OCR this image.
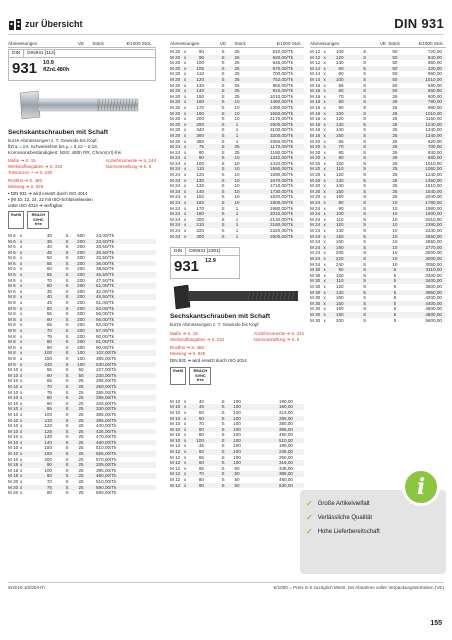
zur Übersicht	DIN 931
Abmessungen	VE	Stück	€/1000 Stck.
DIN	DIN931 [112]
931 10.9
flZnL480h
Sechskantschrauben mit Schaft
kurze Abmessungen z. T. Gewinde bis Kopf,
flZnL = int. Schweissfest bis μ = 0,12 – 0,18,
Korrosionsbeständigkeit: NSS: 480h RR, Chrom(VI)-frei
Maße ➔ S. 15
Werkstoffangaben ➔ S. 232
Toleranzen + ➔ S. 230
Anziehmomente ➔ S. 244
Normumstellung ➔ S. 6
Rostfrei ➔ S. 486
Messing ➔ S. 925
• DIN 931 ➔ wird ersetzt durch ISO 4014
• (M 10, 12, 14, 22 mit ISO-Schlüsselweiten
unter ISO 4014 ➔ verfügbar
RoHS	REACH SVHC free
M 6 x	30	S	500	23,00/Tk
M 6 x	35	S	200	23,50/Tk
M 6 x	40	S	200	25,50/Tk
M 6 x	45	S	200	29,50/Tk
M 6 x	50	S	200	32,50/Tk
M 6 x	55	S	200	36,00/Tk
M 6 x	60	S	200	38,50/Tk
M 6 x	65	S	200	45,50/Tk
M 6 x	70	S	200	47,50/Tk
M 6 x	80	S	200	51,00/Tk
M 6 x	35	S	200	42,00/Tk
M 8 x	40	S	200	45,50/Tk
M 8 x	45	S	200	51,00/Tk
M 8 x	50	S	200	53,00/Tk
M 8 x	55	S	200	56,00/Tk
M 8 x	60	S	200	56,00/Tk
M 8 x	65	S	200	62,00/Tk
M 8 x	70	S	200	67,00/Tk
M 8 x	75	S	200	80,00/Tk
M 8 x	80	S	200	81,00/Tk
M 8 x	90	S	200	90,00/Tk
M 8 x	100	S	100	102,00/Tk
M 8 x	150	S	100	385,00/Tk
M 8 x	240	S	100	530,00/Tk
M 10 x	55	S	50	227,00/Tk
M 10 x	60	S	50	230,00/Tk
M 10 x	65	S	25	285,00/Tk
M 10 x	70	S	25	260,00/Tk
M 10 x	75	S	25	285,00/Tk
M 10 x	80	S	25	295,00/Tk
M 10 x	90	S	25	325,00/Tk
M 10 x	95	S	25	330,00/Tk
M 10 x	100	S	25	385,00/Tk
M 10 x	110	S	25	395,00/Tk
M 10 x	120	S	25	430,00/Tk
M 10 x	125	S	25	435,00/Tk
M 10 x	130	S	25	470,00/Tk
M 10 x	140	S	25	480,00/Tk
M 10 x	150	S	25	510,00/Tk
M 10 x	160	S	25	555,00/Tk
M 10 x	200	S	25	570,00/Tk
M 18 x	90	S	25	335,00/Tk
M 18 x	100	S	25	395,00/Tk
M 18 x	60	S	25	480,00/Tk
M 20 x	70	S	25	510,00/Tk
M 20 x	75	S	25	590,00/Tk
M 20 x	80	S	25	590,00/Tk
Abmessungen	VE	Stück	€/1000 Stck.
M 20 x	90	S	25	610,00/Tk
M 20 x	95	S	25	620,00/Tk
M 20 x	100	S	25	645,00/Tk
M 20 x	105	S	25	670,00/Tk
M 20 x	110	S	25	700,00/Tk
M 20 x	120	S	25	752,00/Tk
M 20 x	130	S	25	850,00/Tk
M 20 x	140	S	25	910,00/Tk
M 20 x	150	S	25	1010,00/Tk
M 20 x	160	S	10	1460,00/Tk
M 20 x	170	S	10	1390,00/Tk
M 20 x	180	S	10	1560,00/Tk
M 20 x	200	S	10	2170,00/Tk
M 20 x	290	S	1	2600,00/Tk
M 20 x	340	S	1	3100,00/Tk
M 20 x	360	S	1	3200,00/Tk
M 20 x	380	S	1	3350,00/Tk
M 24 x	75	S	25	1170,00/Tk
M 24 x	80	S	25	1180,00/Tk
M 24 x	90	S	10	1342,00/Tk
M 24 x	100	S	10	1420,00/Tk
M 24 x	110	S	10	1550,00/Tk
M 24 x	120	S	10	1590,00/Tk
M 24 x	130	S	10	1670,00/Tk
M 24 x	135	S	10	1710,00/Tk
M 24 x	140	S	10	1730,00/Tk
M 24 x	150	S	10	1820,00/Tk
M 24 x	160	S	10	1900,00/Tk
M 24 x	170	S	1	1980,00/Tk
M 24 x	180	S	1	2010,00/Tk
M 24 x	200	S	1	2130,00/Tk
M 24 x	210	S	1	2180,00/Tk
M 24 x	220	S	1	2320,00/Tk
M 24 x	300	S	1	2600,00/Tk
DIN	DIN931 [2301]
931 12.9
Sechskantschrauben mit Schaft
kurze Abmessungen z. T. Gewinde bis Kopf
Maße ➔ S. 15
Werkstoffangaben ➔ S. 232
Anziehmomente ➔ S. 244
Normumstellung ➔ S. 6
Rostfrei ➔ S. 486
Messing ➔ S. 925
DIN 931 ➔ wird ersetzt durch ISO 4014
RoHS	REACH SVHC free
M 10 x	40	S	100	180,00
M 10 x	45	S	100	180,00
M 10 x	50	S	100	213,00
M 10 x	60	S	100	285,00
M 10 x	70	S	100	380,00
M 10 x	80	S	100	395,00
M 10 x	90	S	100	480,00
M 10 x	100	S	100	510,00
M 12 x	45	S	100	195,00
M 12 x	50	S	100	236,00
M 12 x	55	S	100	250,00
M 12 x	60	S	100	315,00
M 12 x	65	S	50	345,00
M 12 x	70	S	50	395,00
M 12 x	80	S	50	480,00
M 12 x	90	S	50	630,00
Abmessungen	VE Stück	€/1000 Stck.
M 12 x	100	S	50	720,00
M 12 x	120	S	50	840,00
M 12 x	140	S	50	860,00
M 14 x	60	S	50	420,00
M 14 x	80	S	50	960,00
M 14 x	100	S	50	1010,00
M 16 x	55	S	50	560,00
M 16 x	60	S	50	560,00
M 16 x	70	S	25	600,00
M 16 x	80	S	25	780,00
M 16 x	90	S	25	980,00
M 16 x	100	S	25	1010,00
M 16 x	120	S	25	1150,00
M 16 x	130	S	25	1240,00
M 16 x	140	S	25	1340,00
M 16 x	150	S	25	1340,00
M 20 x	65	S	25	620,00
M 20 x	70	S	25	700,00
M 20 x	80	S	25	840,00
M 20 x	90	S	25	880,00
M 20 x	100	S	25	1010,00
M 20 x	110	S	25	1060,00
M 20 x	120	S	25	1240,00
M 20 x	130	S	25	1350,00
M 20 x	140	S	25	1510,00
M 20 x	150	S	25	1640,00
M 20 x	160	S	25	2040,00
M 24 x	80	S	10	1780,00
M 24 x	90	S	10	1980,00
M 24 x	100	S	10	1900,00
M 24 x	110	S	10	2010,00
M 24 x	120	S	10	2390,00
M 24 x	140	S	10	2430,00
M 24 x	150	S	10	2550,00
M 24 x	160	S	10	2650,00
M 24 x	180	S	10	2770,00
M 24 x	200	S	10	3000,00
M 24 x	220	S	10	3000,00
M 24 x	240	S	10	3050,00
M 30 x	90	S	5	3110,00
M 30 x	100	S	5	3300,00
M 30 x	110	S	5	3400,00
M 30 x	120	S	5	3600,00
M 30 x	130	S	5	3950,00
M 30 x	160	S	5	4200,00
M 30 x	150	S	5	4400,00
M 30 x	160	S	5	4600,00
M 30 x	180	S	5	4800,00
M 30 x	200	S	5	5600,00
i
✓ Große Artikelvielfalt
✓ Verlässliche Qualität
✓ Hohe Lieferbereitschaft
W2019.10/DE/HTi	€/1000 = Preis in € zuzüglich MwSt. bei Abnahme voller Verpackungseinheiten (VE)
155
